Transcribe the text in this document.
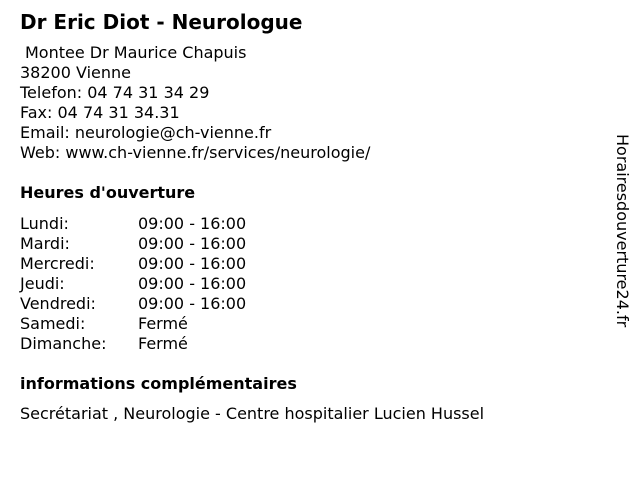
Dr Eric Diot - Neurologue
Montee Dr Maurice Chapuis
38200 Vienne
Telefon : 04 74 31 34 29
Fax : 04 74 31 34.31
Email : neurologie@ch-vienne.fr
Web : www.ch-vienne.fr/services/neurologie/
Heures d'ouverture
Lundi:	09:00 - 16:00
Mardi:	09:00 - 16:00
Mercredi:	09:00 - 16:00
Jeudi:	09:00 - 16:00
Vendredi:	09:00 - 16:00
Samedi:	Fermé
Dimanche: Fermé
informations complémentaires
Secrétariat , Neurologie - Centre hospitalier Lucien Hussel
Horairesdouverture24.fr
